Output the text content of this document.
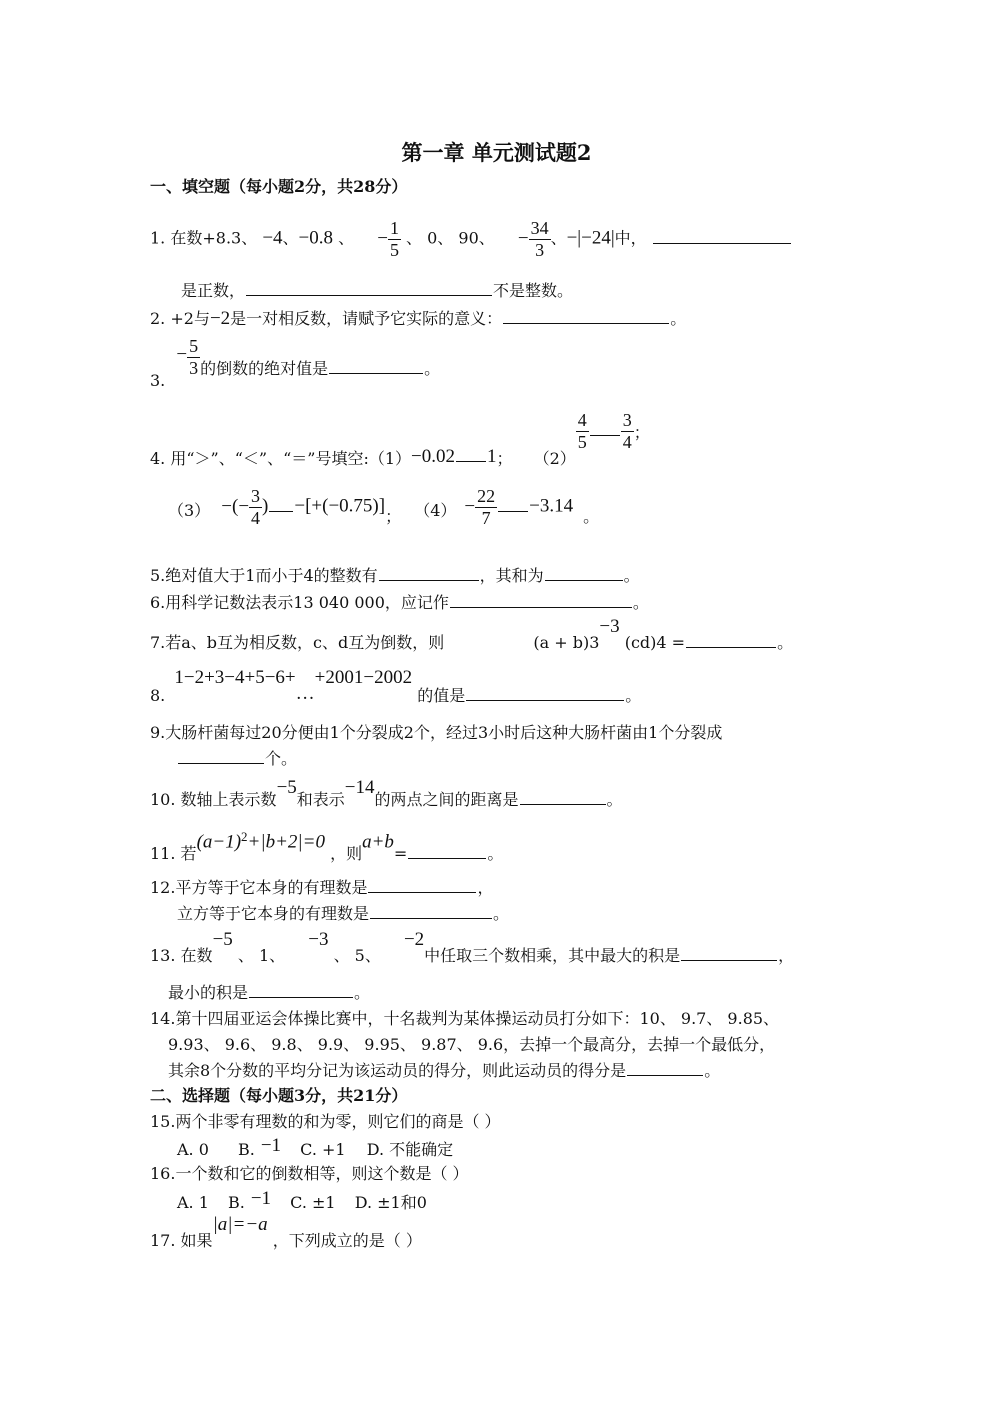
第一章 单元测试题2
一、填空题（每小题2分，共28分）
1. 在数+8.3、 −4、−0.8 、 − $\frac{1}{5}$ 、 0、 90、 − $\frac{34}{3}$ 、−|−24|中，
是正数，	不是整数。
2. +2与−2是一对相反数，请赋予它实际的意义：	。
3. − $\frac{5}{3}$ 的倒数的绝对值是	。
4. 用“＞”、“＜”、“＝”号填空:（1）−0.02 1； （2）
$\frac{4}{5} \frac{3}{4}$ ；
（3） −(− $\frac{3}{4}$ ) −[+(−0.75)]； $(4) - \frac{22}{7} -3.14$ 。
5.绝对值大于1而小于4的整数有	，其和为	。
6.用科学记数法表示13 040 000，应记作	。
7.若a、b互为相反数，c、d互为倒数，则	(a + b)3−3 (cd)4 =	。
8. 1−2+3−4+5−6+…+2001−2002 的值是	。
9.大肠杆菌每过20分便由1个分裂成2个，经过3小时后这种大肠杆菌由1个分裂成
个。
10. 数轴上表示数−5和表示−14的两点之间的距离是	。
11. 若$(a-1)^2+|b+2|=0$ ，则a+b=	。
12.平方等于它本身的有理数是	，
立方等于它本身的有理数是	。
13. 在数−5 、 1、 −3 、 5、 −2中任取三个数相乘，其中最大的积是	，
最小的积是	。
14.第十四届亚运会体操比赛中，十名裁判为某体操运动员打分如下：10、 9.7、 9.85、
9.93、 9.6、 9.8、 9.9、 9.95、 9.87、 9.6，去掉一个最高分，去掉一个最低分，
其余8个分数的平均分记为该运动员的得分，则此运动员的得分是	。
二、选择题（每小题3分，共21分）
15.两个非零有理数的和为零，则它们的商是（ ）
A. 0 B. −1 C. +1 D. 不能确定
16.一个数和它的倒数相等，则这个数是（ ）
A. 1 B. −1 C. ±1 D. ±1和0
17. 如果|a|=−a ，下列成立的是（ ）
